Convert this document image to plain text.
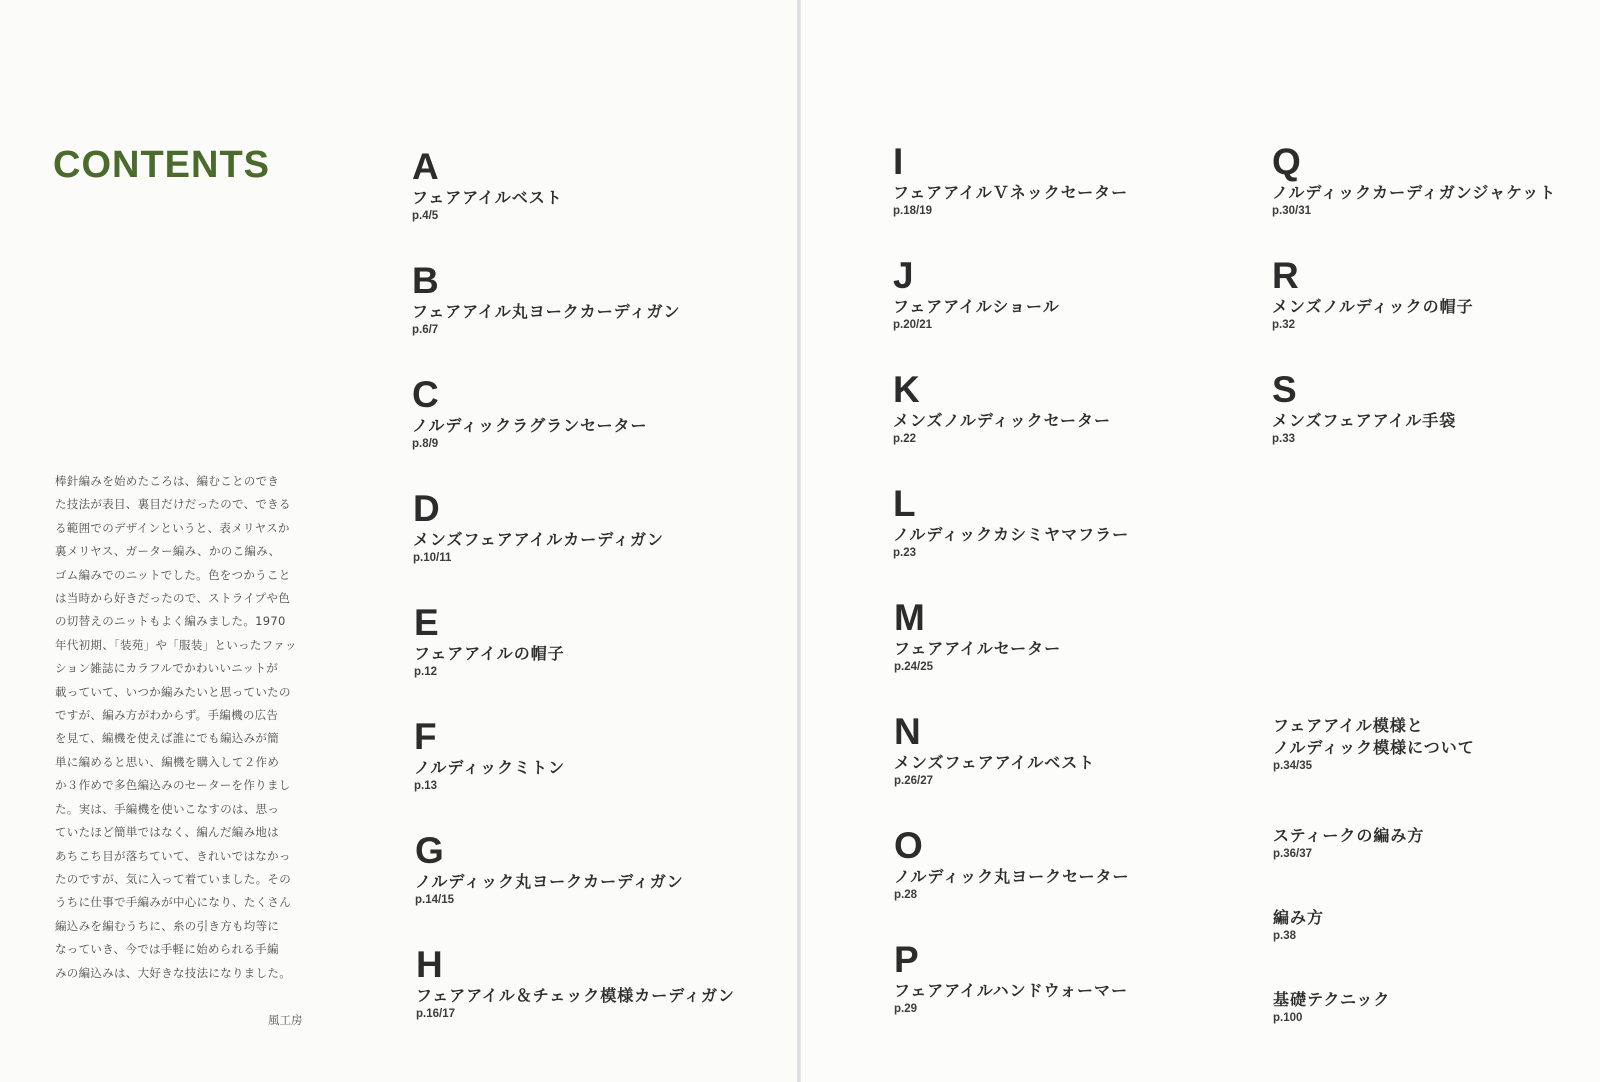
CONTENTS

棒針編みを始めたころは、編むことのでき
た技法が表目、裏目だけだったので、できる
る範囲でのデザインというと、表メリヤスか
裏メリヤス、ガーター編み、かのこ編み、
ゴム編みでのニットでした。色をつかうこと
は当時から好きだったので、ストライプや色
の切替えのニットもよく編みました。1970
年代初期、「装苑」や「服装」といったファッ
ション雑誌にカラフルでかわいいニットが
載っていて、いつか編みたいと思っていたの
ですが、編み方がわからず。手編機の広告
を見て、編機を使えば誰にでも編込みが簡
単に編めると思い、編機を購入して２作め
か３作めで多色編込みのセーターを作りまし
た。実は、手編機を使いこなすのは、思っ
ていたほど簡単ではなく、編んだ編み地は
あちこち目が落ちていて、きれいではなかっ
たのですが、気に入って着ていました。その
うちに仕事で手編みが中心になり、たくさん
編込みを編むうちに、糸の引き方も均等に
なっていき、今では手軽に始められる手編
みの編込みは、大好きな技法になりました。

風工房
A
フェアアイルベスト
p.4/5
B
フェアアイル丸ヨークカーディガン
p.6/7
C
ノルディックラグランセーター
p.8/9
D
メンズフェアアイルカーディガン
p.10/11
E
フェアアイルの帽子
p.12
F
ノルディックミトン
p.13
G
ノルディック丸ヨークカーディガン
p.14/15
H
フェアアイル＆チェック模様カーディガン
p.16/17
I
フェアアイルＶネックセーター
p.18/19
J
フェアアイルショール
p.20/21
K
メンズノルディックセーター
p.22
L
ノルディックカシミヤマフラー
p.23
M
フェアアイルセーター
p.24/25
N
メンズフェアアイルベスト
p.26/27
O
ノルディック丸ヨークセーター
p.28
P
フェアアイルハンドウォーマー
p.29
Q
ノルディックカーディガンジャケット
p.30/31
R
メンズノルディックの帽子
p.32
S
メンズフェアアイル手袋
p.33
フェアアイル模様と
ノルディック模様について
p.34/35
スティークの編み方
p.36/37
編み方
p.38
基礎テクニック
p.100
